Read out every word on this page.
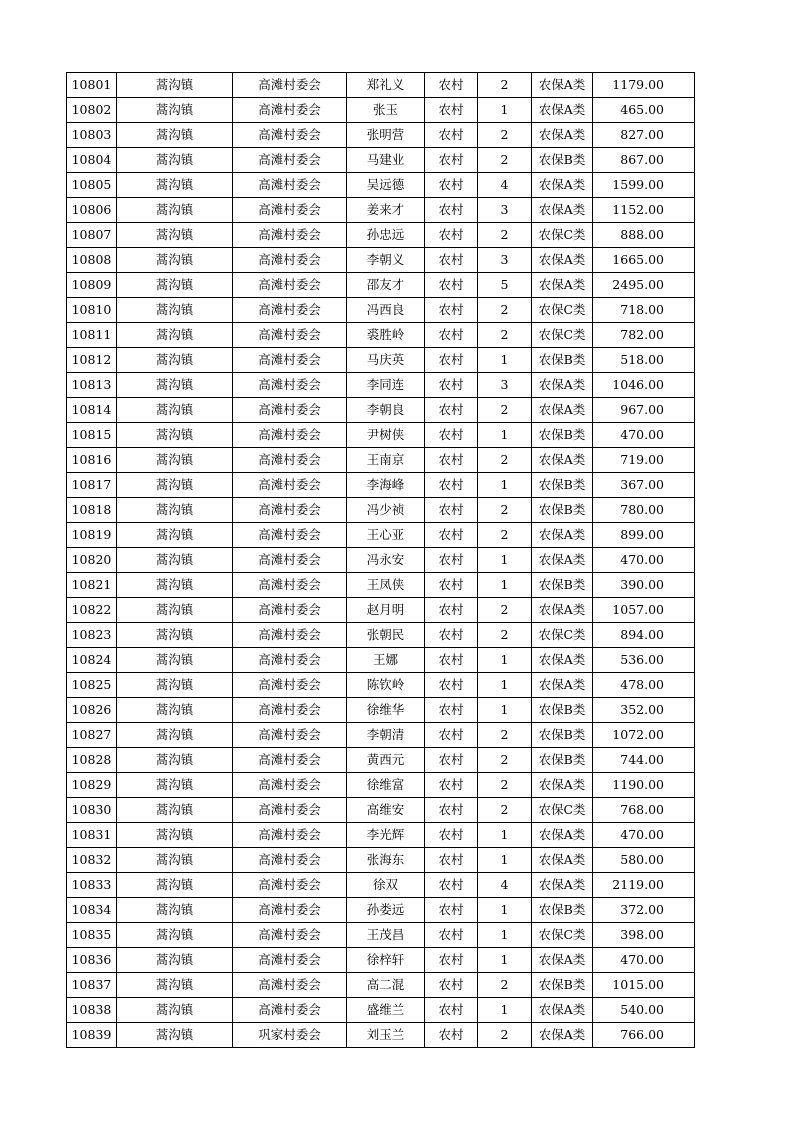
10801	蒿沟镇	高滩村委会	郑礼义	农村	2	农保A类	1179.00
10802	蒿沟镇	高滩村委会	张玉	农村	1	农保A类	465.00
10803	蒿沟镇	高滩村委会	张明营	农村	2	农保A类	827.00
10804	蒿沟镇	高滩村委会	马建业	农村	2	农保B类	867.00
10805	蒿沟镇	高滩村委会	吴远德	农村	4	农保A类	1599.00
10806	蒿沟镇	高滩村委会	姜来才	农村	3	农保A类	1152.00
10807	蒿沟镇	高滩村委会	孙忠远	农村	2	农保C类	888.00
10808	蒿沟镇	高滩村委会	李朝义	农村	3	农保A类	1665.00
10809	蒿沟镇	高滩村委会	邵友才	农村	5	农保A类	2495.00
10810	蒿沟镇	高滩村委会	冯西良	农村	2	农保C类	718.00
10811	蒿沟镇	高滩村委会	裘胜岭	农村	2	农保C类	782.00
10812	蒿沟镇	高滩村委会	马庆英	农村	1	农保B类	518.00
10813	蒿沟镇	高滩村委会	李同连	农村	3	农保A类	1046.00
10814	蒿沟镇	高滩村委会	李朝良	农村	2	农保A类	967.00
10815	蒿沟镇	高滩村委会	尹树侠	农村	1	农保B类	470.00
10816	蒿沟镇	高滩村委会	王南京	农村	2	农保A类	719.00
10817	蒿沟镇	高滩村委会	李海峰	农村	1	农保B类	367.00
10818	蒿沟镇	高滩村委会	冯少祯	农村	2	农保B类	780.00
10819	蒿沟镇	高滩村委会	王心亚	农村	2	农保A类	899.00
10820	蒿沟镇	高滩村委会	冯永安	农村	1	农保A类	470.00
10821	蒿沟镇	高滩村委会	王凤侠	农村	1	农保B类	390.00
10822	蒿沟镇	高滩村委会	赵月明	农村	2	农保A类	1057.00
10823	蒿沟镇	高滩村委会	张朝民	农村	2	农保C类	894.00
10824	蒿沟镇	高滩村委会	王娜	农村	1	农保A类	536.00
10825	蒿沟镇	高滩村委会	陈钦岭	农村	1	农保A类	478.00
10826	蒿沟镇	高滩村委会	徐维华	农村	1	农保B类	352.00
10827	蒿沟镇	高滩村委会	李朝清	农村	2	农保B类	1072.00
10828	蒿沟镇	高滩村委会	黄西元	农村	2	农保B类	744.00
10829	蒿沟镇	高滩村委会	徐维富	农村	2	农保A类	1190.00
10830	蒿沟镇	高滩村委会	高维安	农村	2	农保C类	768.00
10831	蒿沟镇	高滩村委会	李光辉	农村	1	农保A类	470.00
10832	蒿沟镇	高滩村委会	张海东	农村	1	农保A类	580.00
10833	蒿沟镇	高滩村委会	徐双	农村	4	农保A类	2119.00
10834	蒿沟镇	高滩村委会	孙娄远	农村	1	农保B类	372.00
10835	蒿沟镇	高滩村委会	王茂昌	农村	1	农保C类	398.00
10836	蒿沟镇	高滩村委会	徐梓轩	农村	1	农保A类	470.00
10837	蒿沟镇	高滩村委会	高二混	农村	2	农保B类	1015.00
10838	蒿沟镇	高滩村委会	盛维兰	农村	1	农保A类	540.00
10839	蒿沟镇	巩家村委会	刘玉兰	农村	2	农保A类	766.00
